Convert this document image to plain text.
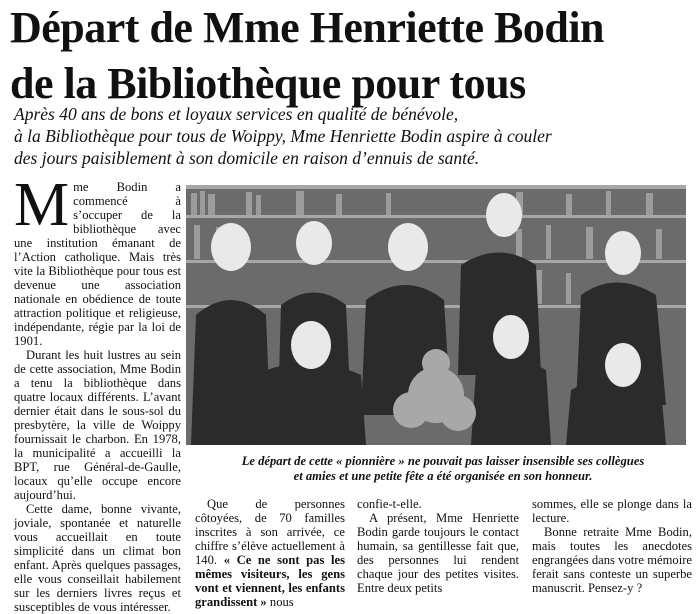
Départ de Mme Henriette Bodin
de la Bibliothèque pour tous
Après 40 ans de bons et loyaux services en qualité de bénévole,
à la Bibliothèque pour tous de Woippy, Mme Henriette Bodin aspire à couler
des jours paisiblement à son domicile en raison d’ennuis de santé.
M me Bodin a commencé à s’occuper de la bibliothèque avec une institution émanant de l’Action catholique. Mais très vite la Bibliothèque pour tous est devenue une association nationale en obédience de toute attraction politique et religieuse, indépendante, régie par la loi de 1901.

Durant les huit lustres au sein de cette association, Mme Bodin a tenu la bibliothèque dans quatre locaux différents. L’avant dernier était dans le sous-sol du presbytère, la ville de Woippy fournissait le charbon. En 1978, la municipalité a accueilli la BPT, rue Général-de-Gaulle, locaux qu’elle occupe encore aujourd’hui.

Cette dame, bonne vivante, joviale, spontanée et naturelle vous accueillait en toute simplicité dans un climat bon enfant. Après quelques passages, elle vous conseillait habilement sur les derniers livres reçus et susceptibles de vous intéresser.

Le départ de cette « pionnière » ne pouvait pas laisser insensible ses collègues
et amies et une petite fête a été organisée en son honneur.

Que de personnes côtoyées, de 70 familles inscrites à son arrivée, ce chiffre s’élève actuellement à 140. « Ce ne sont pas les mêmes visiteurs, les gens vont et viennent, les enfants grandissent » nous

confie-t-elle.

A présent, Mme Henriette Bodin garde toujours le contact humain, sa gentillesse fait que, des personnes lui rendent chaque jour des petites visites. Entre deux petits

sommes, elle se plonge dans la lecture.

Bonne retraite Mme Bodin, mais toutes les anecdotes engrangées dans votre mémoire ferait sans conteste un superbe manuscrit. Pensez-y ?
